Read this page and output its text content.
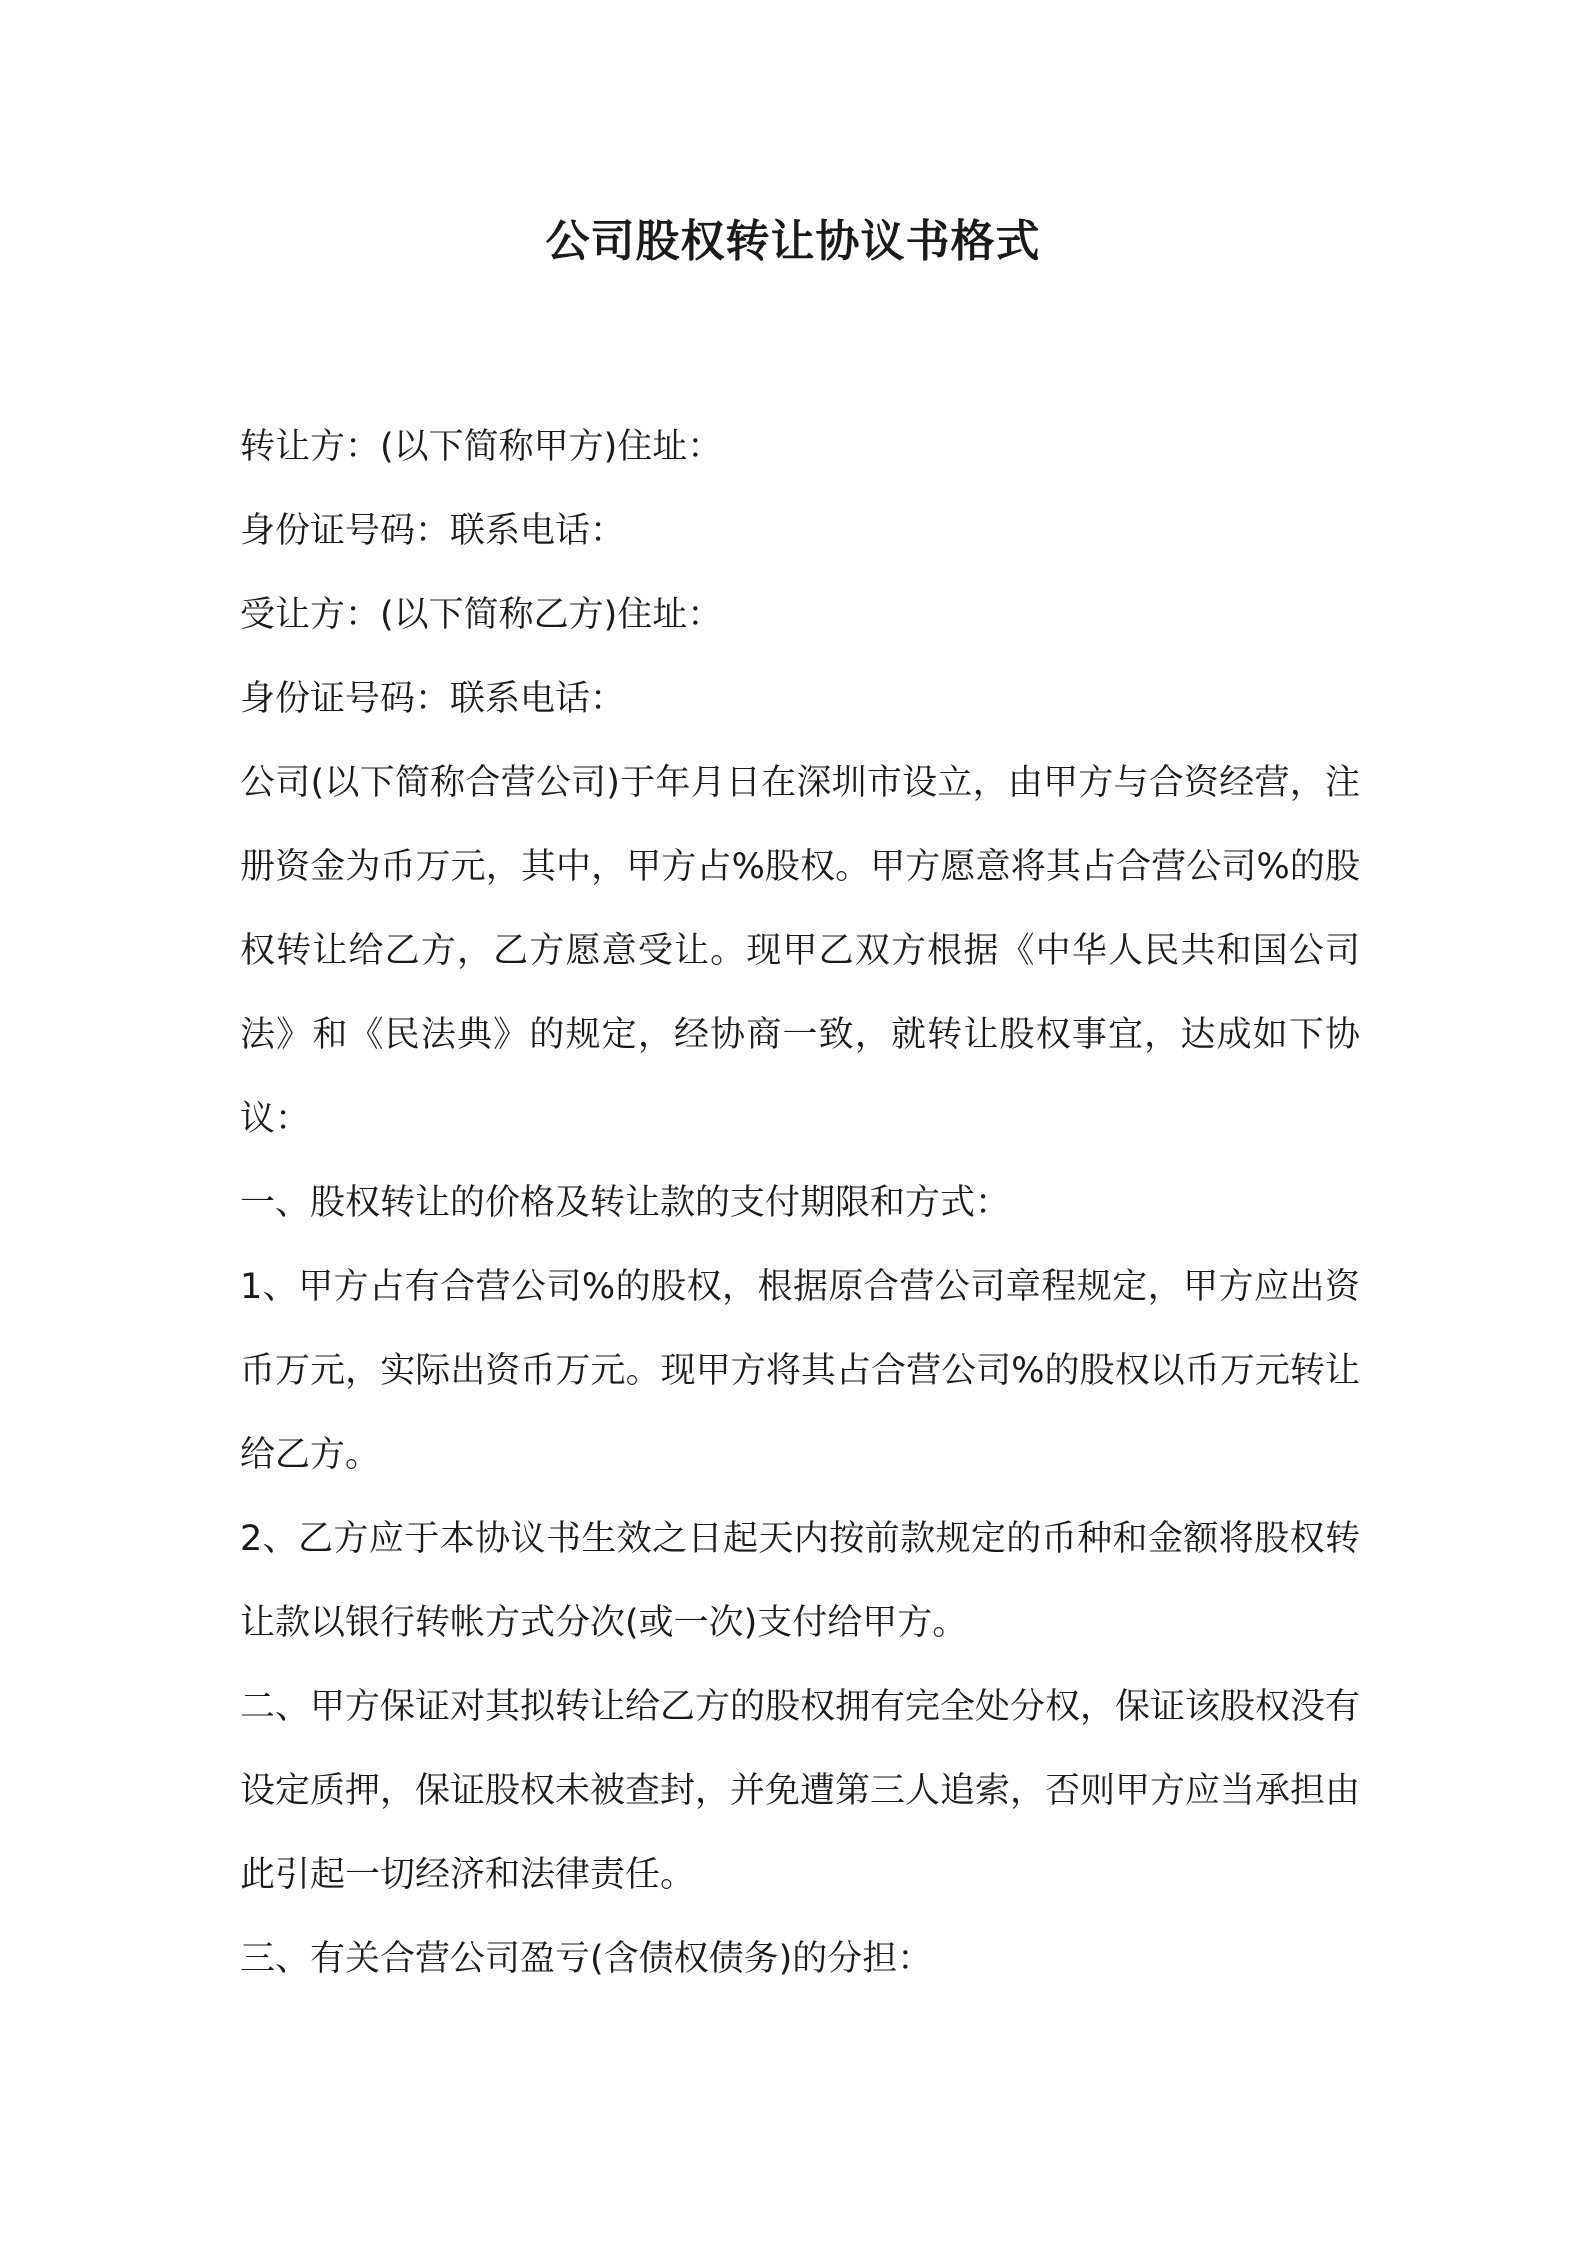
公司股权转让协议书格式

转让方：(以下简称甲方)住址：

身份证号码：联系电话：

受让方：(以下简称乙方)住址：

身份证号码：联系电话：

公司(以下简称合营公司)于年月日在深圳市设立，由甲方与合资经营，注册资金为币万元，其中，甲方占%股权。甲方愿意将其占合营公司%的股权转让给乙方，乙方愿意受让。现甲乙双方根据《中华人民共和国公司法》和《民法典》的规定，经协商一致，就转让股权事宜，达成如下协议：

一、股权转让的价格及转让款的支付期限和方式：

1、甲方占有合营公司%的股权，根据原合营公司章程规定，甲方应出资币万元，实际出资币万元。现甲方将其占合营公司%的股权以币万元转让给乙方。

2、乙方应于本协议书生效之日起天内按前款规定的币种和金额将股权转让款以银行转帐方式分次(或一次)支付给甲方。

二、甲方保证对其拟转让给乙方的股权拥有完全处分权，保证该股权没有设定质押，保证股权未被查封，并免遭第三人追索，否则甲方应当承担由此引起一切经济和法律责任。

三、有关合营公司盈亏(含债权债务)的分担：
